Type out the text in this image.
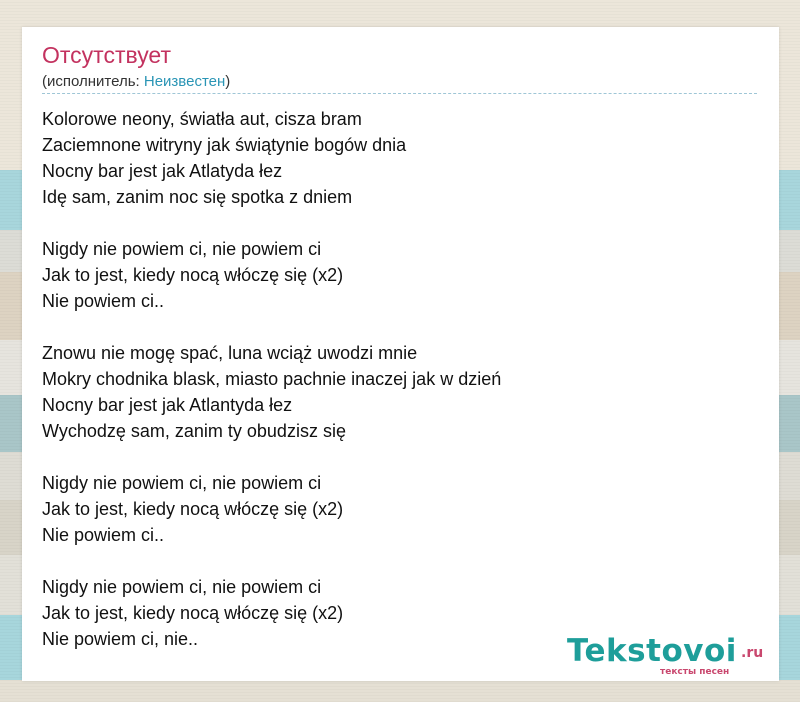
Отсутствует
(исполнитель: Неизвестен)
Kolorowe neony, światła aut, cisza bram
Zaciemnone witryny jak świątynie bogów dnia
Nocny bar jest jak Atlatyda łez
Idę sam, zanim noc się spotka z dniem
Nigdy nie powiem ci, nie powiem ci
Jak to jest, kiedy nocą włóczę się (x2)
Nie powiem ci..
Znowu nie mogę spać, luna wciąż uwodzi mnie
Mokry chodnika blask, miasto pachnie inaczej jak w dzień
Nocny bar jest jak Atlantyda łez
Wychodzę sam, zanim ty obudzisz się
Nigdy nie powiem ci, nie powiem ci
Jak to jest, kiedy nocą włóczę się (x2)
Nie powiem ci..
Nigdy nie powiem ci, nie powiem ci
Jak to jest, kiedy nocą włóczę się (x2)
Nie powiem ci, nie..	Tekstovoi .ru
тексты песен
